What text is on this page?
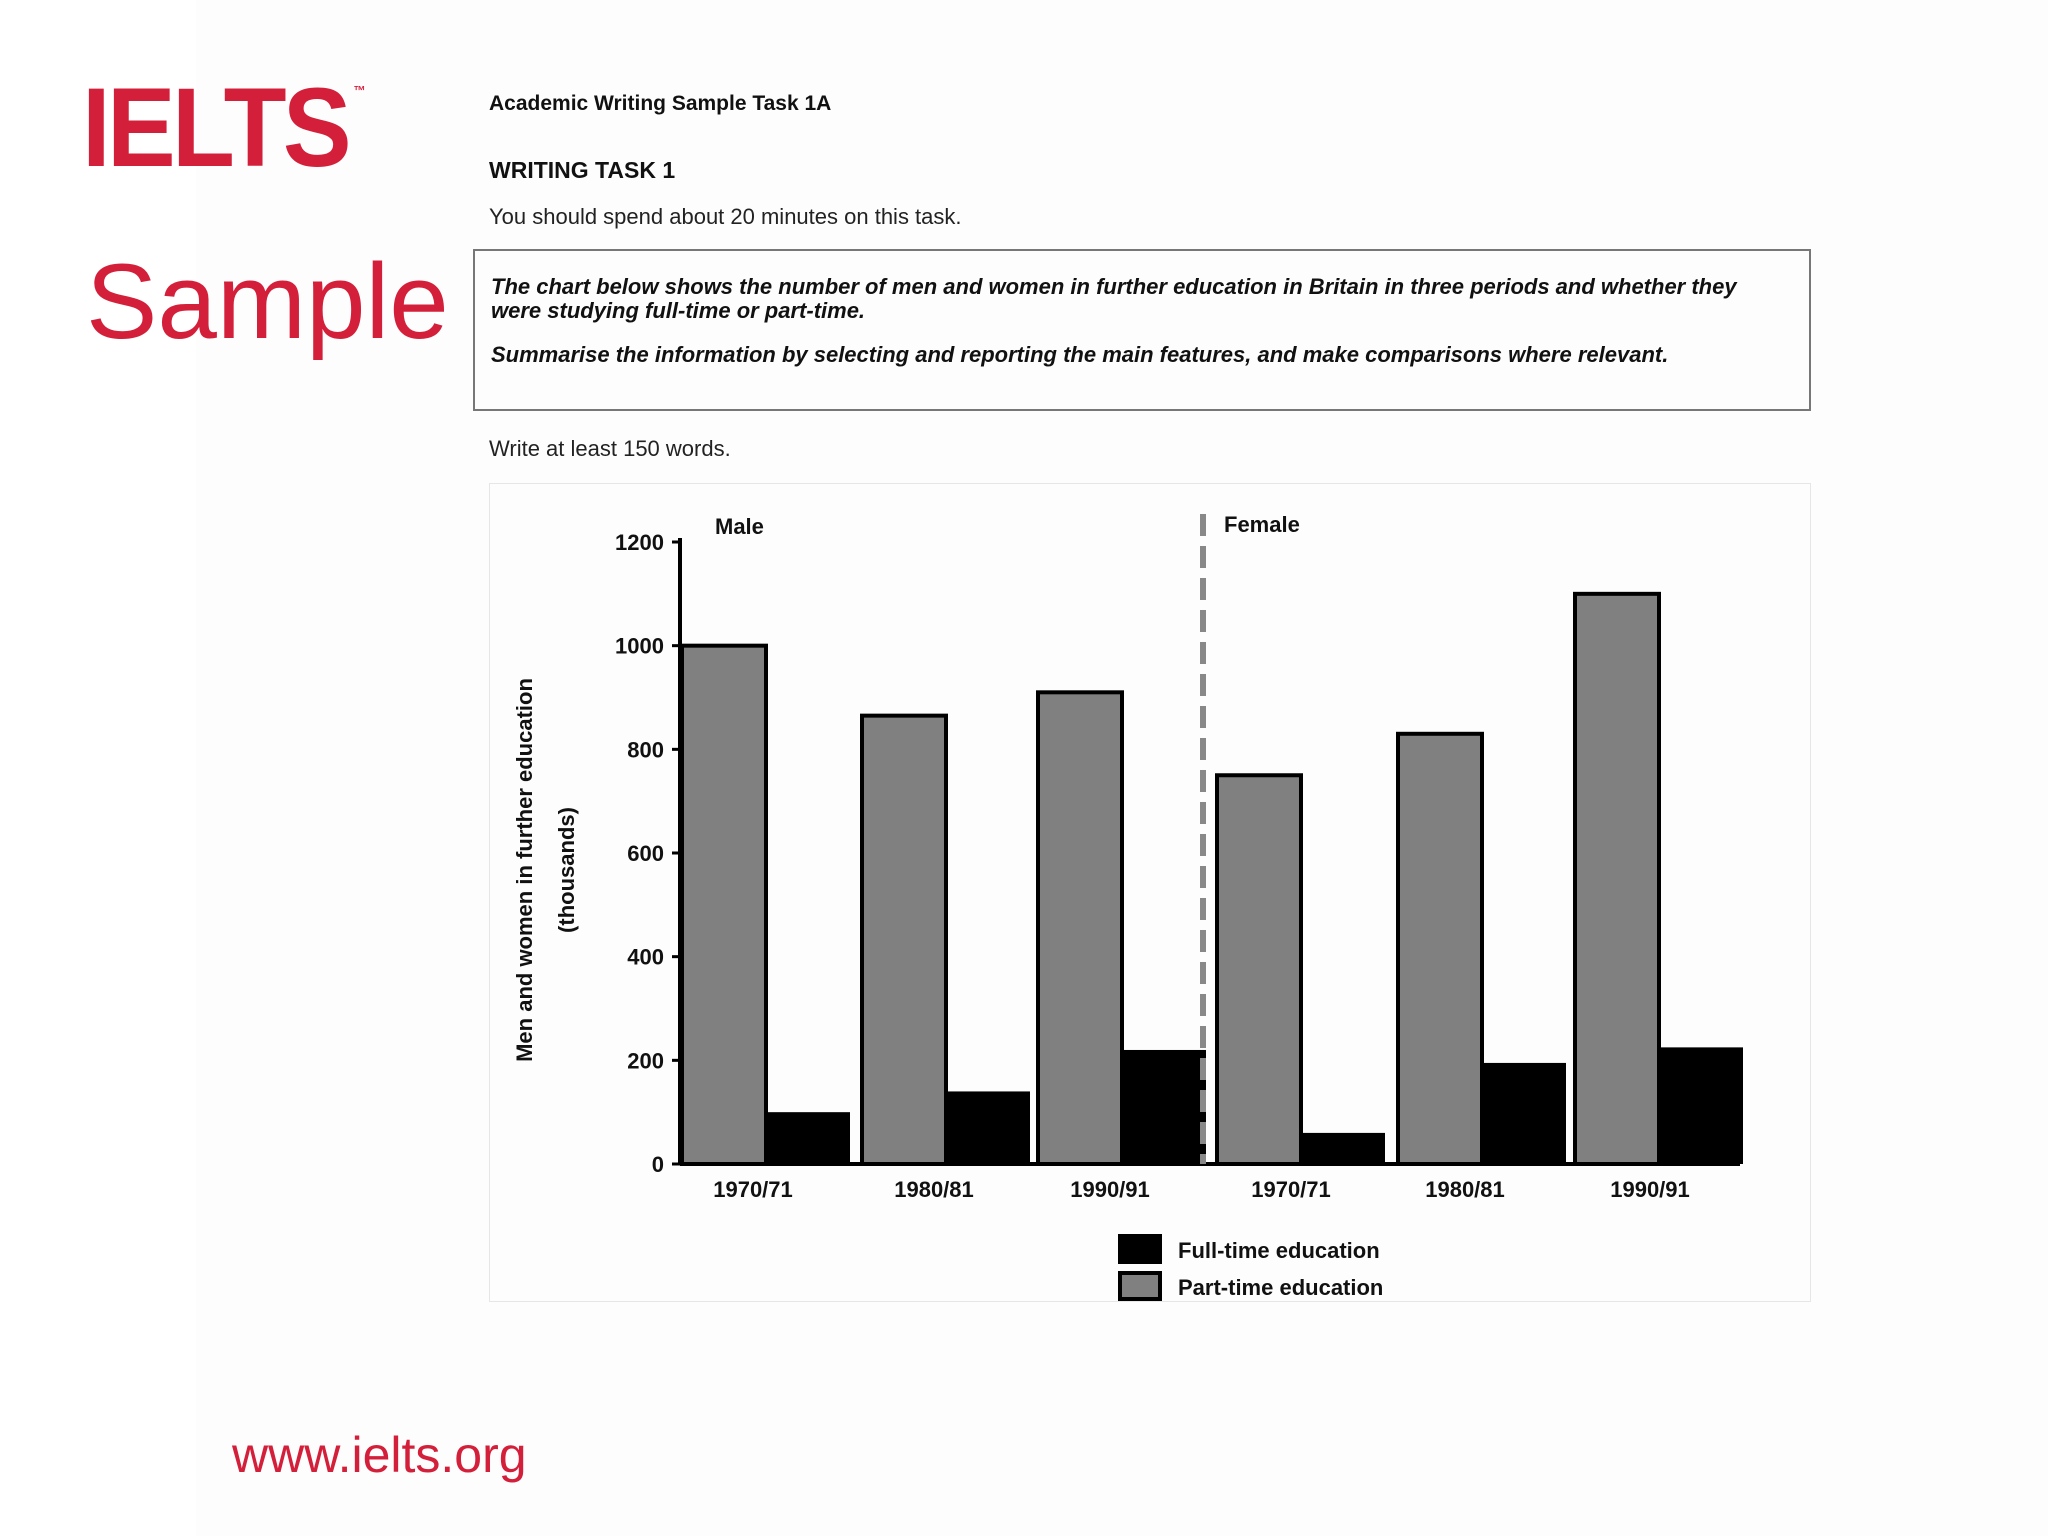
IELTS ™
Sample
www.ielts.org
Academic Writing Sample Task 1A
WRITING TASK 1
You should spend about 20 minutes on this task.
The chart below shows the number of men and women in further education in Britain in three periods and whether they were studying full-time or part-time.
Summarise the information by selecting and reporting the main features, and make comparisons where relevant.
Write at least 150 words.
0
200
400
600
800
1000
1200
Men and women in further education (thousands)
1970/71	1980/81	1990/91	1970/71	1980/81	1990/91
Male	Female
Full-time education
Part-time education
